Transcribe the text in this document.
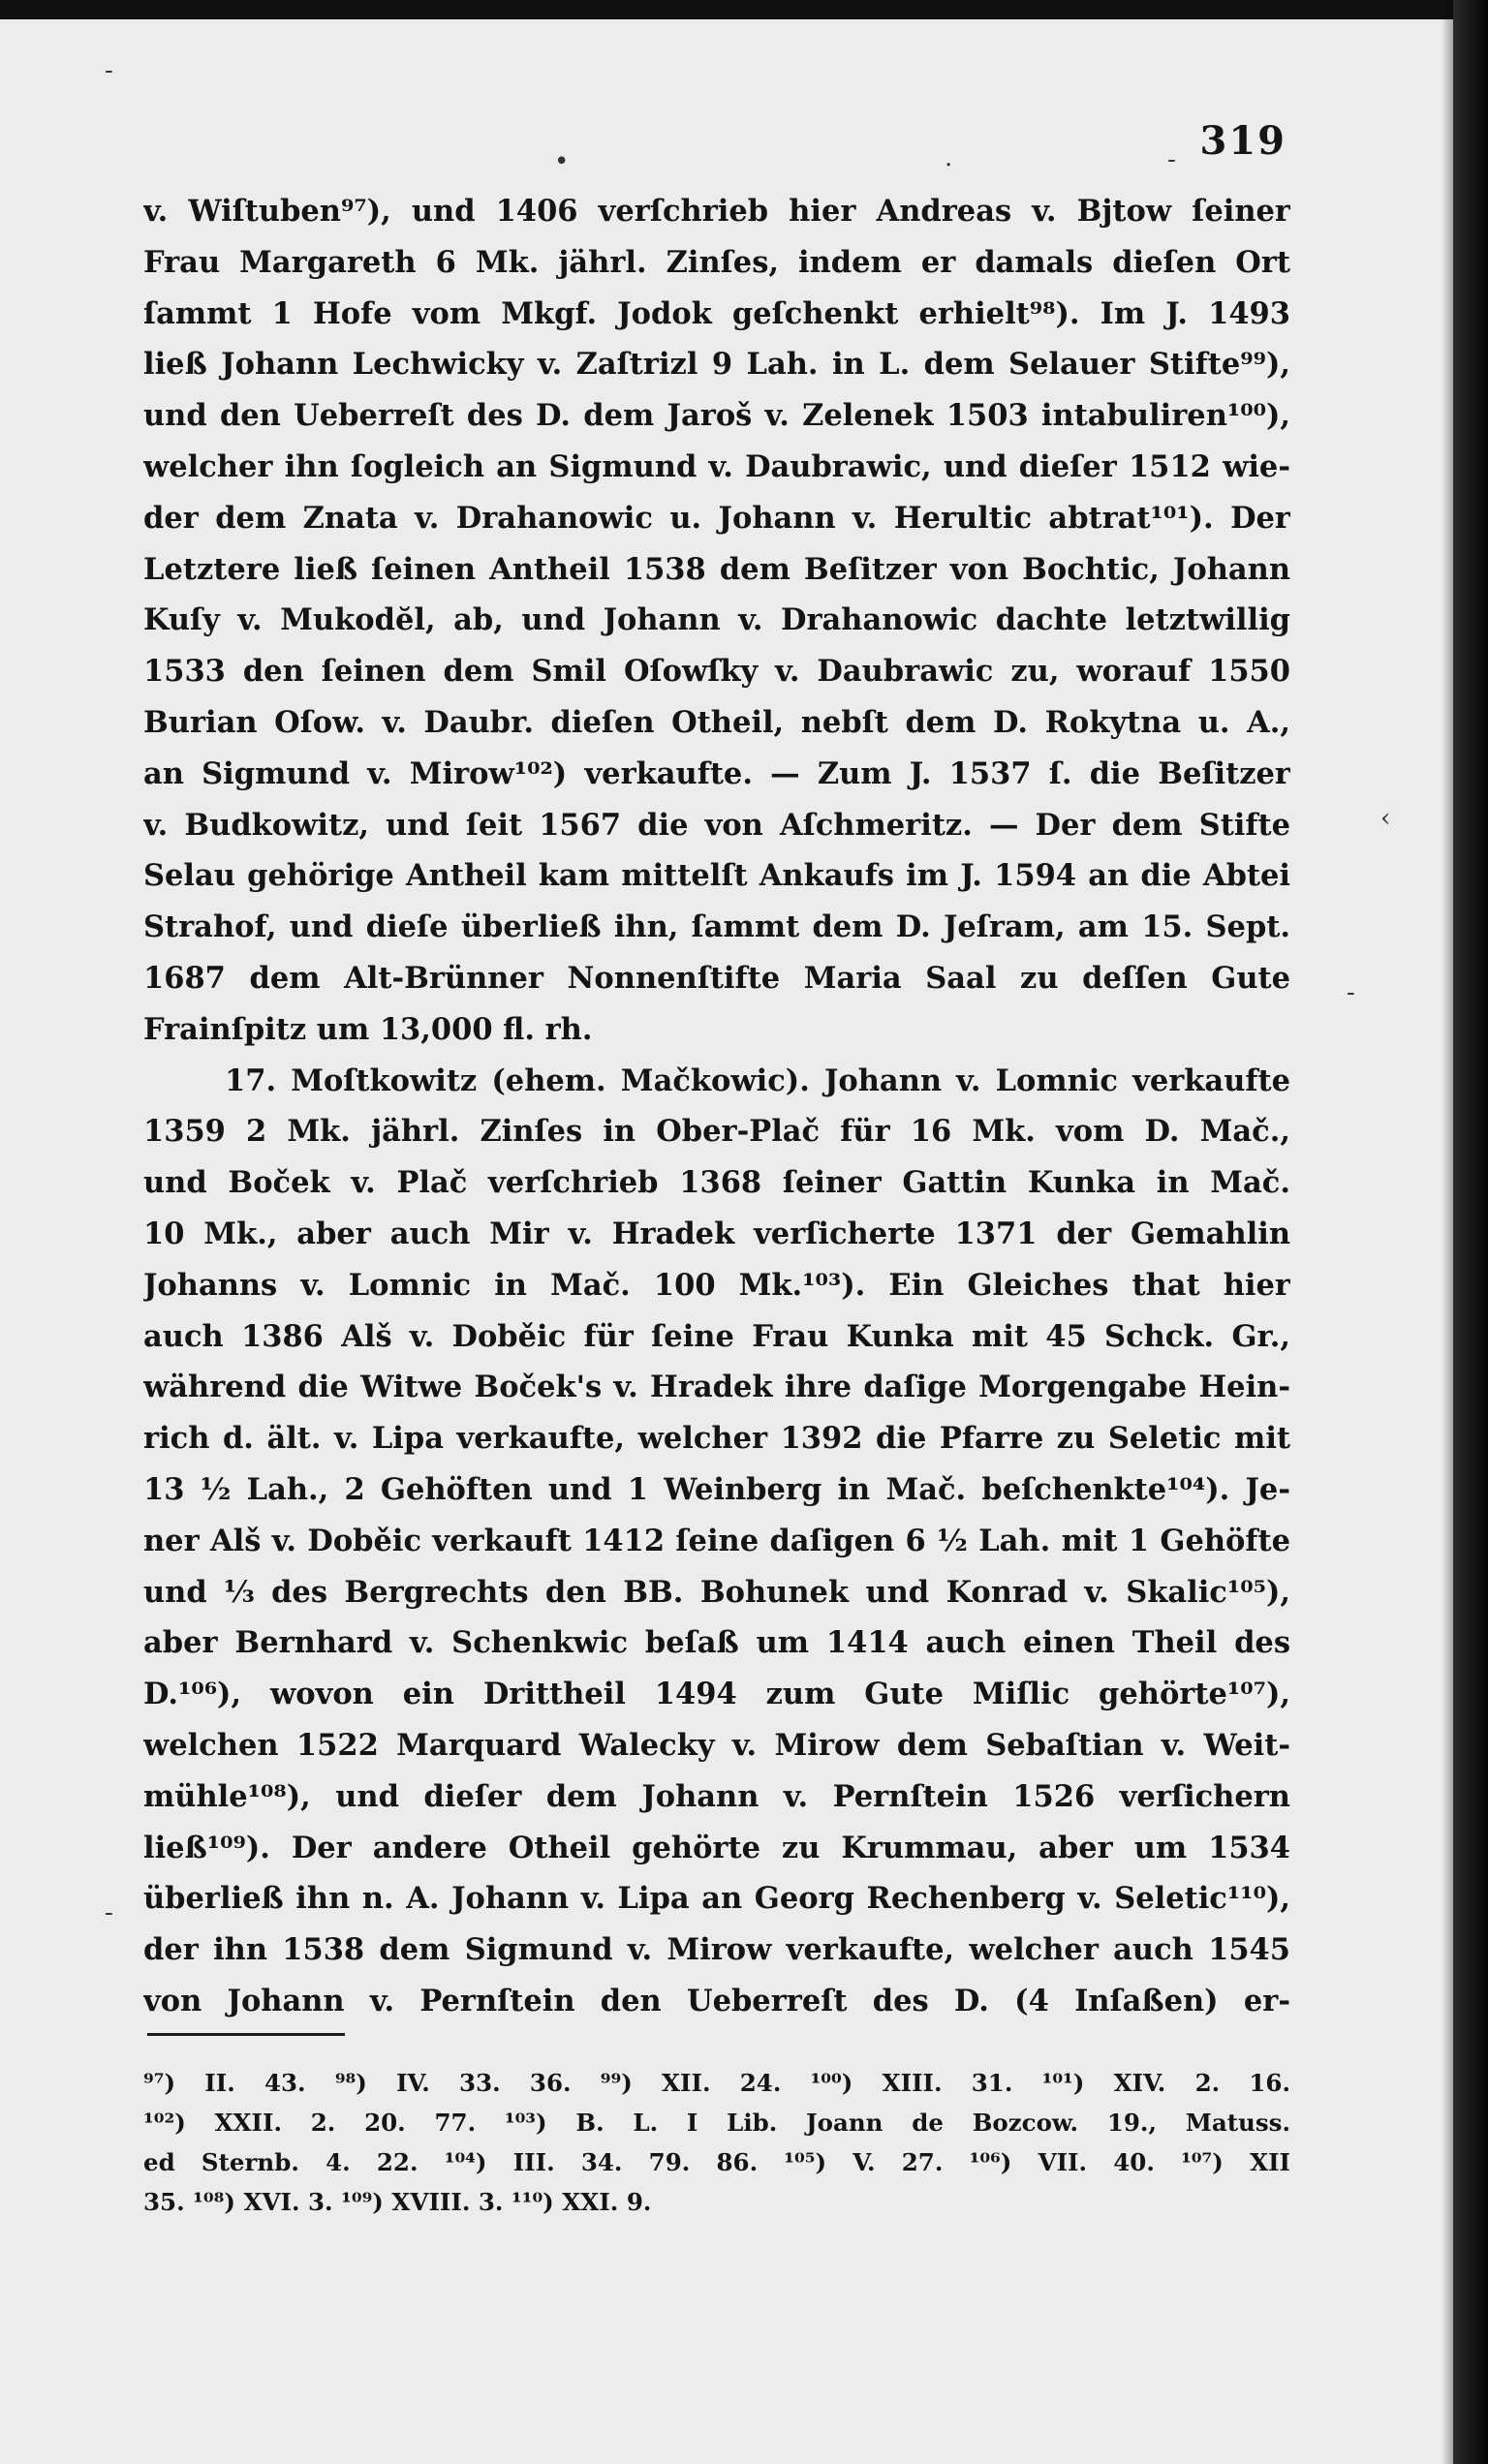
-
•	.	-
-
‹
-
319
v. Wiſtuben⁹⁷), und 1406 verſchrieb hier Andreas v. Bjtow ſeiner
Frau Margareth 6 Mk. jährl. Zinſes, indem er damals dieſen Ort
ſammt 1 Hofe vom Mkgf. Jodok geſchenkt erhielt⁹⁸). Im J. 1493
ließ Johann Lechwicky v. Zaſtrizl 9 Lah. in L. dem Selauer Stifte⁹⁹),
und den Ueberreſt des D. dem Jaroš v. Zelenek 1503 intabuliren¹⁰⁰),
welcher ihn ſogleich an Sigmund v. Daubrawic, und dieſer 1512 wie-
der dem Znata v. Drahanowic u. Johann v. Herultic abtrat¹⁰¹). Der
Letztere ließ ſeinen Antheil 1538 dem Beſitzer von Bochtic, Johann
Kuſy v. Mukodĕl, ab, und Johann v. Drahanowic dachte letztwillig
1533 den ſeinen dem Smil Oſowſky v. Daubrawic zu, worauf 1550
Burian Oſow. v. Daubr. dieſen Otheil, nebſt dem D. Rokytna u. A.,
an Sigmund v. Mirow¹⁰²) verkaufte. — Zum J. 1537 ſ. die Beſitzer
v. Budkowitz, und ſeit 1567 die von Aſchmeritz. — Der dem Stifte
Selau gehörige Antheil kam mittelſt Ankaufs im J. 1594 an die Abtei
Strahof, und dieſe überließ ihn, ſammt dem D. Jeſram, am 15. Sept.
1687 dem Alt-Brünner Nonnenſtifte Maria Saal zu deſſen Gute
Frainſpitz um 13,000 fl. rh.
17. Moſtkowitz (ehem. Mačkowic). Johann v. Lomnic verkaufte
1359 2 Mk. jährl. Zinſes in Ober-Plač für 16 Mk. vom D. Mač.,
und Boček v. Plač verſchrieb 1368 ſeiner Gattin Kunka in Mač.
10 Mk., aber auch Mir v. Hradek verſicherte 1371 der Gemahlin
Johanns v. Lomnic in Mač. 100 Mk.¹⁰³). Ein Gleiches that hier
auch 1386 Alš v. Doběic für ſeine Frau Kunka mit 45 Schck. Gr.,
während die Witwe Boček's v. Hradek ihre daſige Morgengabe Hein-
rich d. ält. v. Lipa verkaufte, welcher 1392 die Pfarre zu Seletic mit
13 ½ Lah., 2 Gehöften und 1 Weinberg in Mač. beſchenkte¹⁰⁴). Je-
ner Alš v. Doběic verkauft 1412 ſeine daſigen 6 ½ Lah. mit 1 Gehöfte
und ⅓ des Bergrechts den BB. Bohunek und Konrad v. Skalic¹⁰⁵),
aber Bernhard v. Schenkwic beſaß um 1414 auch einen Theil des
D.¹⁰⁶), wovon ein Drittheil 1494 zum Gute Miſlic gehörte¹⁰⁷),
welchen 1522 Marquard Walecky v. Mirow dem Sebaſtian v. Weit-
mühle¹⁰⁸), und dieſer dem Johann v. Pernſtein 1526 verſichern
ließ¹⁰⁹). Der andere Otheil gehörte zu Krummau, aber um 1534
überließ ihn n. A. Johann v. Lipa an Georg Rechenberg v. Seletic¹¹⁰),
der ihn 1538 dem Sigmund v. Mirow verkaufte, welcher auch 1545
von Johann v. Pernſtein den Ueberreſt des D. (4 Inſaßen) er-
⁹⁷) II. 43. ⁹⁸) IV. 33. 36. ⁹⁹) XII. 24. ¹⁰⁰) XIII. 31. ¹⁰¹) XIV. 2. 16.
¹⁰²) XXII. 2. 20. 77. ¹⁰³) B. L. I Lib. Joann de Bozcow. 19., Matuss.
ed Sternb. 4. 22. ¹⁰⁴) III. 34. 79. 86. ¹⁰⁵) V. 27. ¹⁰⁶) VII. 40. ¹⁰⁷) XII
35. ¹⁰⁸) XVI. 3. ¹⁰⁹) XVIII. 3. ¹¹⁰) XXI. 9.
